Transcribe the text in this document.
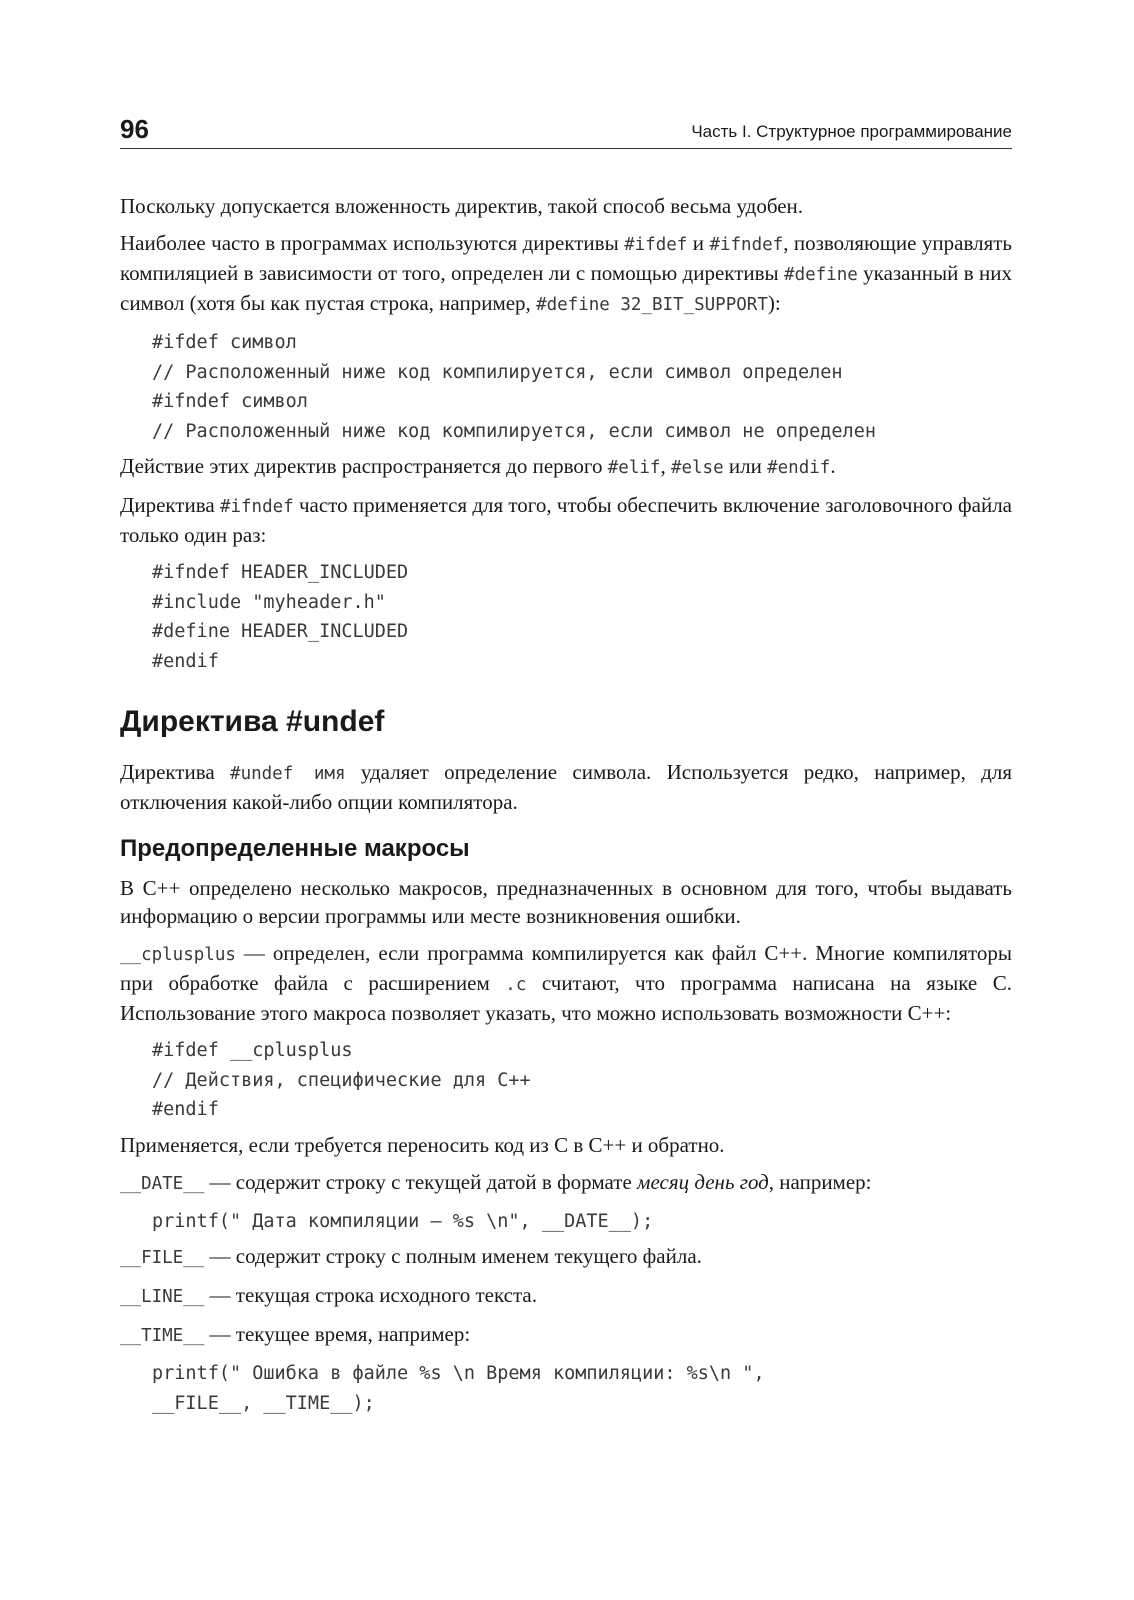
96	Часть I. Структурное программирование

Поскольку допускается вложенность директив, такой способ весьма удобен.

Наиболее часто в программах используются директивы #ifdef и #ifndef, позволяющие управлять компиляцией в зависимости от того, определен ли с помощью директивы #define указанный в них символ (хотя бы как пустая строка, например, #define 32_BIT_SUPPORT):

#ifdef символ
// Расположенный ниже код компилируется, если символ определен
#ifndef символ
// Расположенный ниже код компилируется, если символ не определен

Действие этих директив распространяется до первого #elif, #else или #endif.

Директива #ifndef часто применяется для того, чтобы обеспечить включение заголовочного файла только один раз:

#ifndef HEADER_INCLUDED
#include "myheader.h"
#define HEADER_INCLUDED
#endif
Директива #undef

Директива #undef имя удаляет определение символа. Используется редко, например, для отключения какой-либо опции компилятора.

Предопределенные макросы

В C++ определено несколько макросов, предназначенных в основном для того, чтобы выдавать информацию о версии программы или месте возникновения ошибки.

__cplusplus — определен, если программа компилируется как файл C++. Многие компиляторы при обработке файла с расширением .c считают, что программа написана на языке C. Использование этого макроса позволяет указать, что можно использовать возможности C++:

#ifdef __cplusplus
// Действия, специфические для C++
#endif

Применяется, если требуется переносить код из C в C++ и обратно.

__DATE__ — содержит строку с текущей датой в формате месяц день год, например:

printf(" Дата компиляции – %s \n", __DATE__);

__FILE__ — содержит строку с полным именем текущего файла.

__LINE__ — текущая строка исходного текста.

__TIME__ — текущее время, например:

printf(" Ошибка в файле %s \n Время компиляции: %s\n ",
__FILE__, __TIME__);
